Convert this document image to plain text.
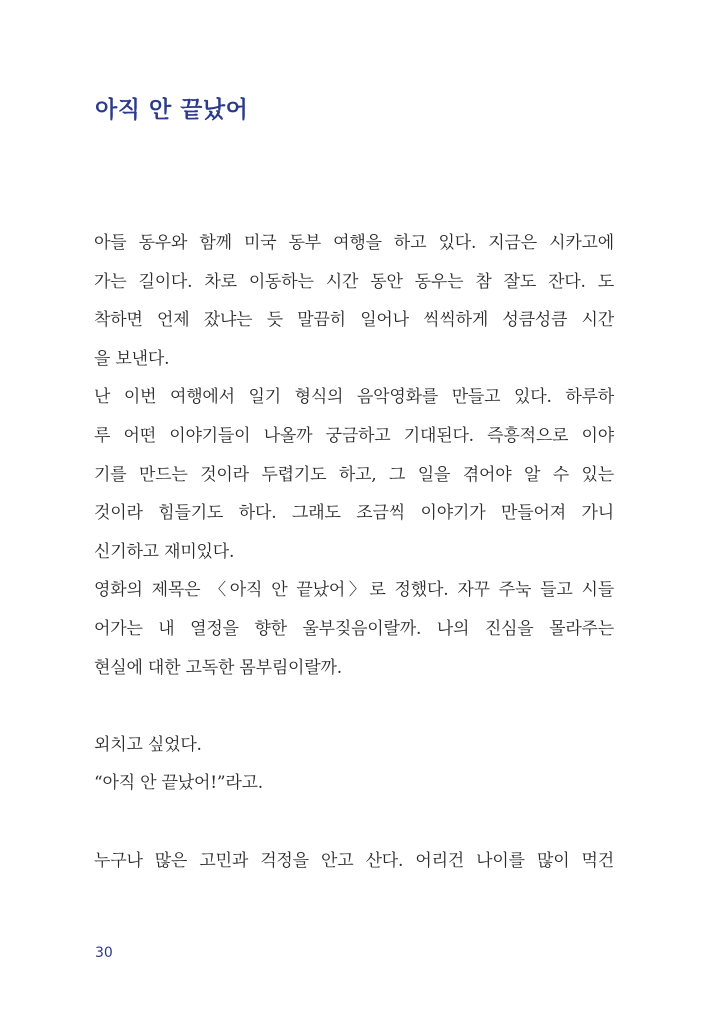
아직 안 끝났어
아들 동우와 함께 미국 동부 여행을 하고 있다. 지금은 시카고에
가는 길이다. 차로 이동하는 시간 동안 동우는 참 잘도 잔다. 도
착하면 언제 잤냐는 듯 말끔히 일어나 씩씩하게 성큼성큼 시간
을 보낸다.
난 이번 여행에서 일기 형식의 음악영화를 만들고 있다. 하루하
루 어떤 이야기들이 나올까 궁금하고 기대된다. 즉흥적으로 이야
기를 만드는 것이라 두렵기도 하고, 그 일을 겪어야 알 수 있는
것이라 힘들기도 하다. 그래도 조금씩 이야기가 만들어져 가니
신기하고 재미있다.
영화의 제목은 〈아직 안 끝났어〉로 정했다. 자꾸 주눅 들고 시들
어가는 내 열정을 향한 울부짖음이랄까. 나의 진심을 몰라주는
현실에 대한 고독한 몸부림이랄까.
외치고 싶었다.
“아직 안 끝났어!”라고.
누구나 많은 고민과 걱정을 안고 산다. 어리건 나이를 많이 먹건

30
